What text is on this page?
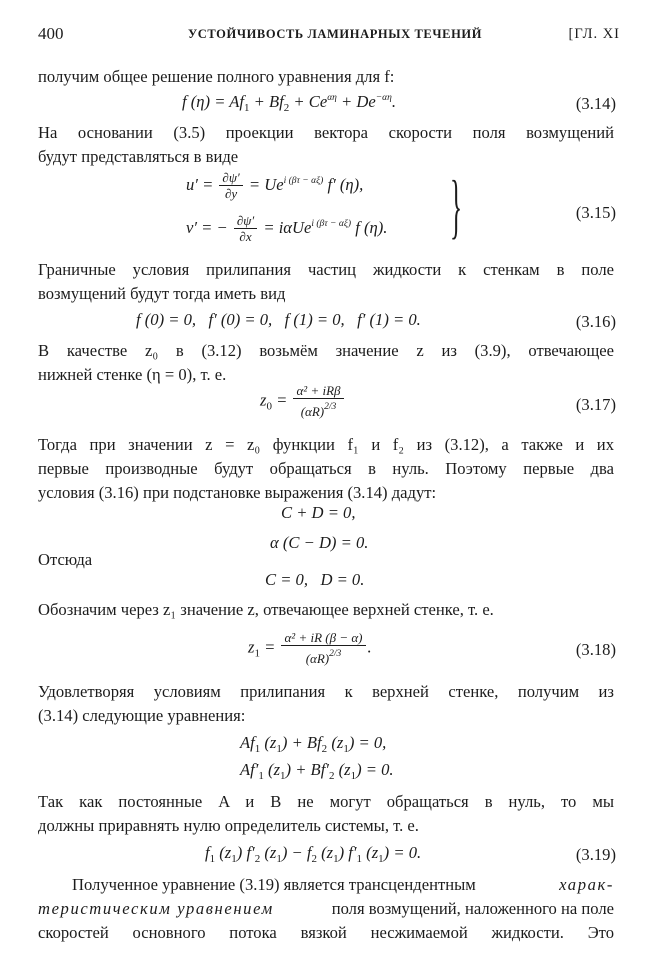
400	УСТОЙЧИВОСТЬ ЛАМИНАРНЫХ ТЕЧЕНИЙ	[ГЛ. XI
получим общее решение полного уравнения для f:
f $(\eta) = Af_1 + Bf_2 + Ce^{\alpha\eta} + De^{-\alpha\eta}$.	(3.14)
На основании (3.5) проекции вектора скорости поля возмущений
будут представляться в виде
$u' = \frac{\partial\psi'}{\partial y} = Ue^{i (\beta\tau - \alpha\xi)}$ f′ (η),
v′ = − $\frac{\partial\psi'}{\partial x} = i\alpha Ue^{i (\beta\tau - \alpha\xi)}$ f (η). }	(3.15)
Граничные условия прилипания частиц жидкости к стенкам в поле
возмущений будут тогда иметь вид
f (0) = 0,   f′ (0) = 0,   f (1) = 0,   f′ (1) = 0.	(3.16)
В качестве z₀ в (3.12) возьмём значение z из (3.9), отвечающее
нижней стенке (η = 0), т. е.
$z_0 = \frac{\text{α² + iRβ}}{(\alpha R)^{2/3}}$	(3.17)
Тогда при значении z = z₀ функции f₁ и f₂ из (3.12), а также и их
первые производные будут обращаться в нуль. Поэтому первые два
условия (3.16) при подстановке выражения (3.14) дадут:
C + D = 0,
α (C − D) = 0.
Отсюда
C = 0,   D = 0.
Обозначим через z₁ значение z, отвечающее верхней стенке, т. е.
$z_1 = \frac{\text{α² + iR (β − α)}}{(\alpha R)^{2/3}}$ .	(3.18)
Удовлетворяя условиям прилипания к верхней стенке, получим из
(3.14) следующие уравнения:
$Af_1$ $(z_1) + Bf_2$ $(z_1) = 0$,
$Af'_1$ $(z_1) + Bf'_2$ $(z_1) = 0$.
Так как постоянные A и B не могут обращаться в нуль, то мы
должны приравнять нулю определитель системы, т. е.
$f_1$ $(z_1)$ $f'_2$ $(z_1) - f_2$ $(z_1)$ $f'_1$ $(z_1) = 0$.	(3.19)
Полученное уравнение (3.19) является трансцендентным	харак-
теристическим уравнением	поля возмущений, наложенного на поле
скоростей основного потока вязкой несжимаемой жидкости. Это
